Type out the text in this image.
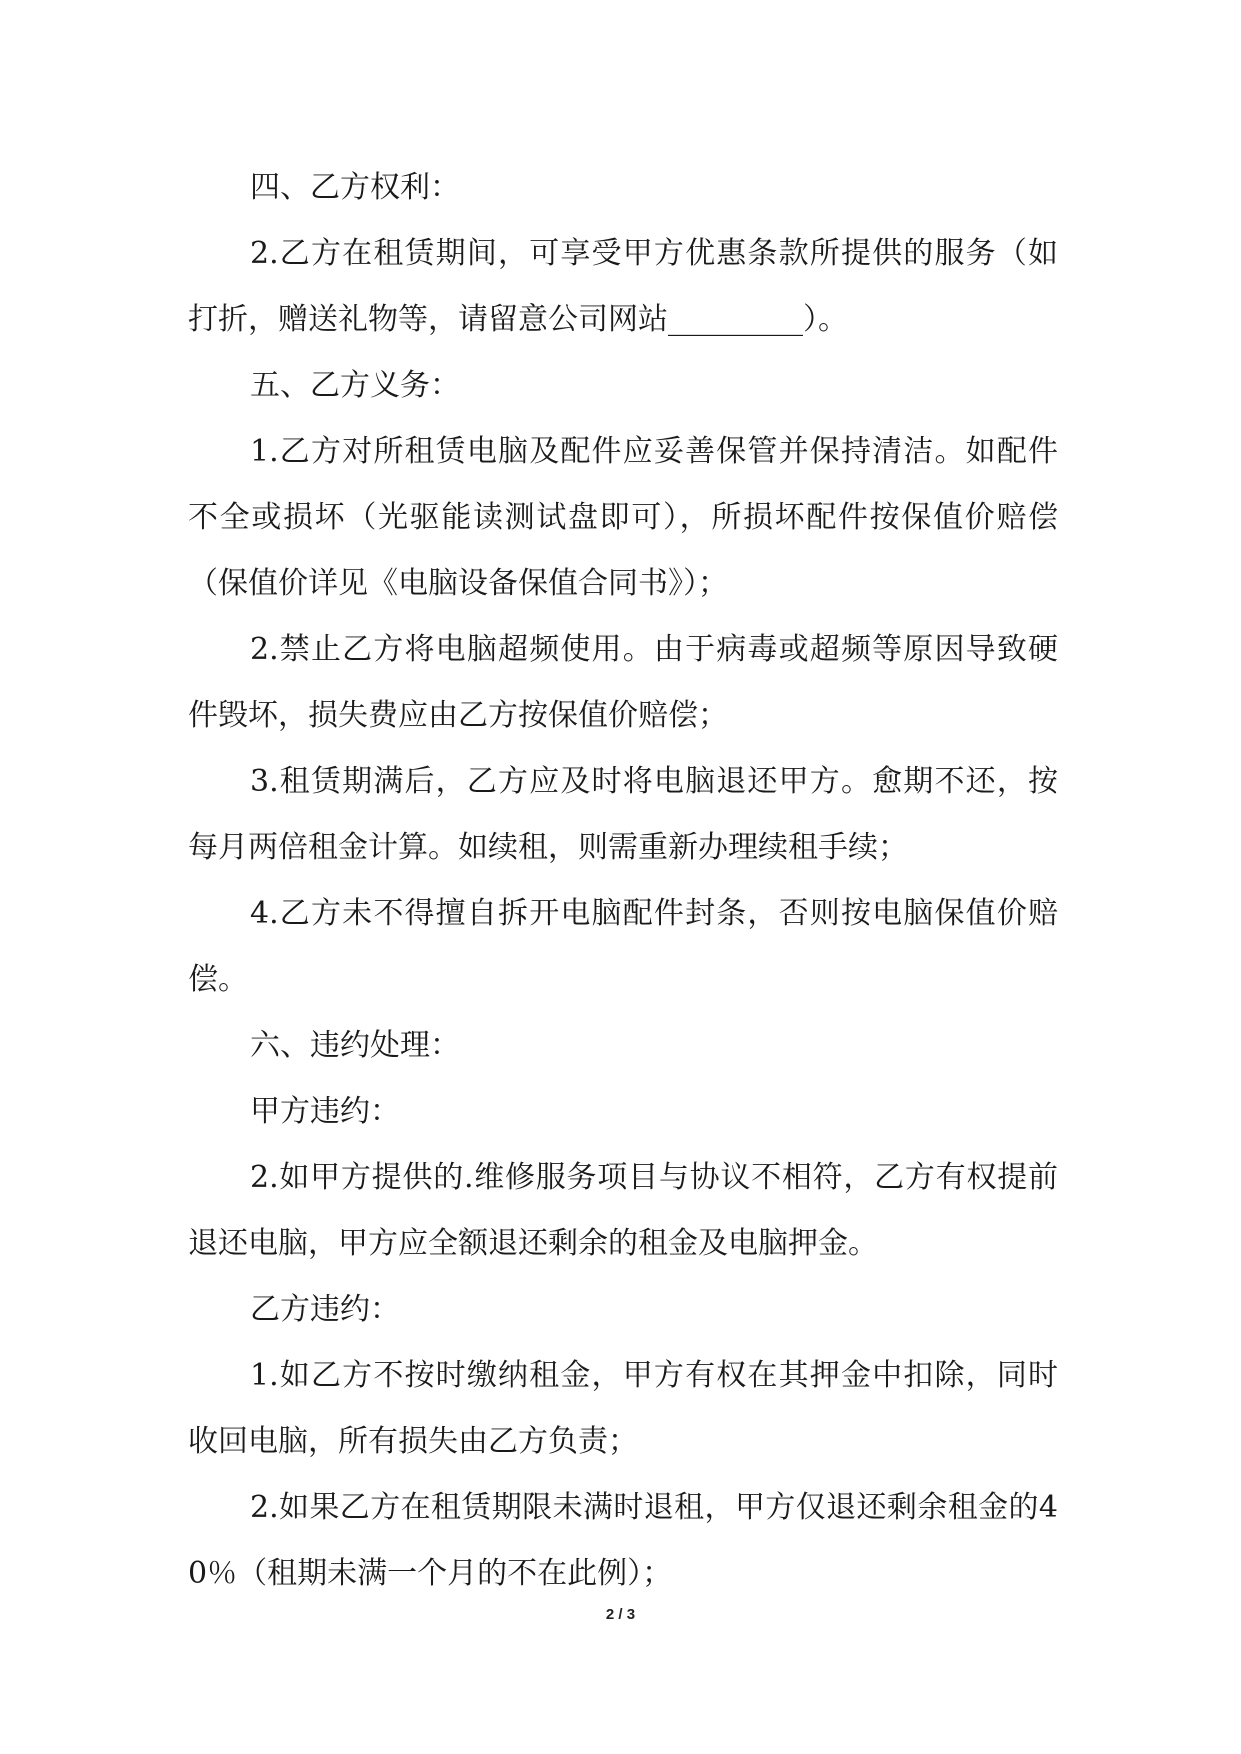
四、乙方权利：

2.乙方在租赁期间，可享受甲方优惠条款所提供的服务（如打折，赠送礼物等，请留意公司网站_________）。

五、乙方义务：

1.乙方对所租赁电脑及配件应妥善保管并保持清洁。如配件不全或损坏（光驱能读测试盘即可），所损坏配件按保值价赔偿（保值价详见《电脑设备保值合同书》）；

2.禁止乙方将电脑超频使用。由于病毒或超频等原因导致硬件毁坏，损失费应由乙方按保值价赔偿；

3.租赁期满后，乙方应及时将电脑退还甲方。愈期不还，按每月两倍租金计算。如续租，则需重新办理续租手续；

4.乙方未不得擅自拆开电脑配件封条，否则按电脑保值价赔偿。

六、违约处理：

甲方违约：

2.如甲方提供的.维修服务项目与协议不相符，乙方有权提前退还电脑，甲方应全额退还剩余的租金及电脑押金。

乙方违约：

1.如乙方不按时缴纳租金，甲方有权在其押金中扣除，同时收回电脑，所有损失由乙方负责；

2.如果乙方在租赁期限未满时退租，甲方仅退还剩余租金的40％（租期未满一个月的不在此例）；

2 / 3
